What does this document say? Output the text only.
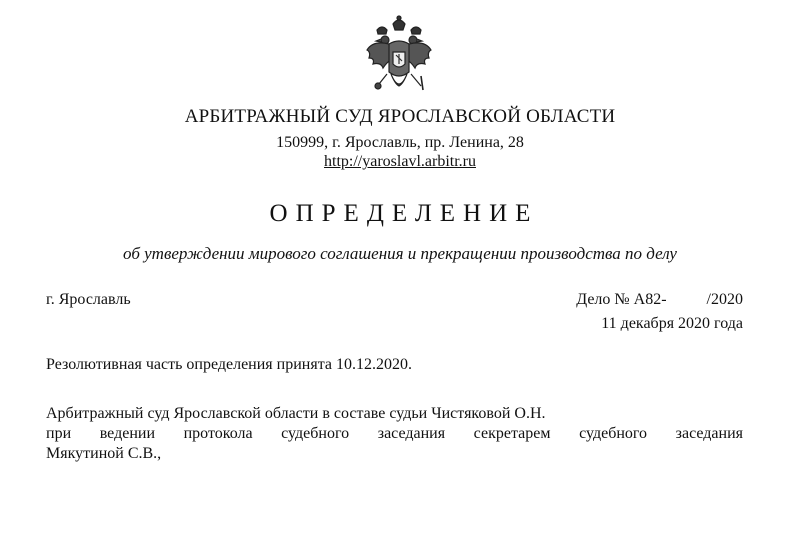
АРБИТРАЖНЫЙ СУД ЯРОСЛАВСКОЙ ОБЛАСТИ
150999, г. Ярославль, пр. Ленина, 28
http://yaroslavl.arbitr.ru
ОПРЕДЕЛЕНИЕ
об утверждении мирового соглашения и прекращении производства по делу
г. Ярославль	Дело № А82-          /2020
11 декабря 2020 года
Резолютивная часть определения принята 10.12.2020.
Арбитражный суд Ярославской области в составе судьи Чистяковой О.Н.
при ведении протокола судебного заседания секретарем судебного заседания
Мякутиной С.В.,
